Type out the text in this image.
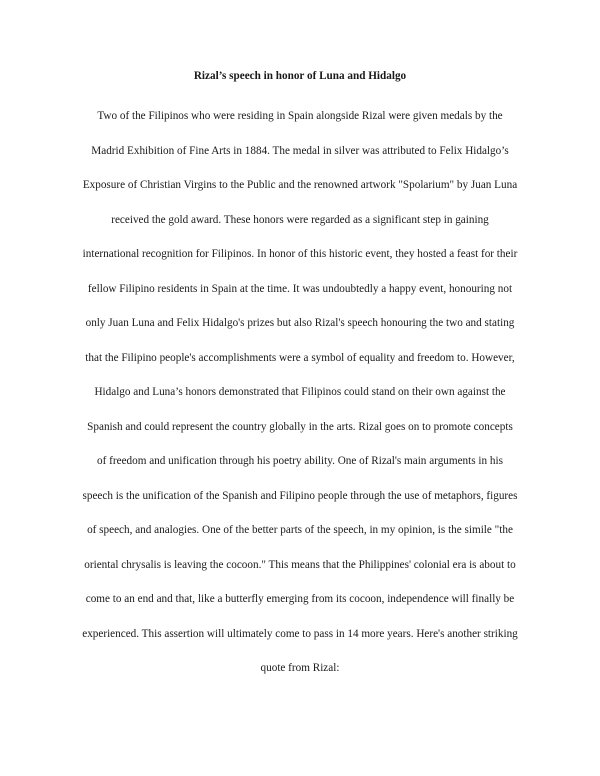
Rizal’s speech in honor of Luna and Hidalgo
Two of the Filipinos who were residing in Spain alongside Rizal were given medals by the
Madrid Exhibition of Fine Arts in 1884. The medal in silver was attributed to Felix Hidalgo’s
Exposure of Christian Virgins to the Public and the renowned artwork "Spolarium" by Juan Luna
received the gold award. These honors were regarded as a significant step in gaining
international recognition for Filipinos. In honor of this historic event, they hosted a feast for their
fellow Filipino residents in Spain at the time. It was undoubtedly a happy event, honouring not
only Juan Luna and Felix Hidalgo's prizes but also Rizal's speech honouring the two and stating
that the Filipino people's accomplishments were a symbol of equality and freedom to. However,
Hidalgo and Luna’s honors demonstrated that Filipinos could stand on their own against the
Spanish and could represent the country globally in the arts. Rizal goes on to promote concepts
of freedom and unification through his poetry ability. One of Rizal's main arguments in his
speech is the unification of the Spanish and Filipino people through the use of metaphors, figures
of speech, and analogies. One of the better parts of the speech, in my opinion, is the simile "the
oriental chrysalis is leaving the cocoon." This means that the Philippines' colonial era is about to
come to an end and that, like a butterfly emerging from its cocoon, independence will finally be
experienced. This assertion will ultimately come to pass in 14 more years. Here's another striking
quote from Rizal:
